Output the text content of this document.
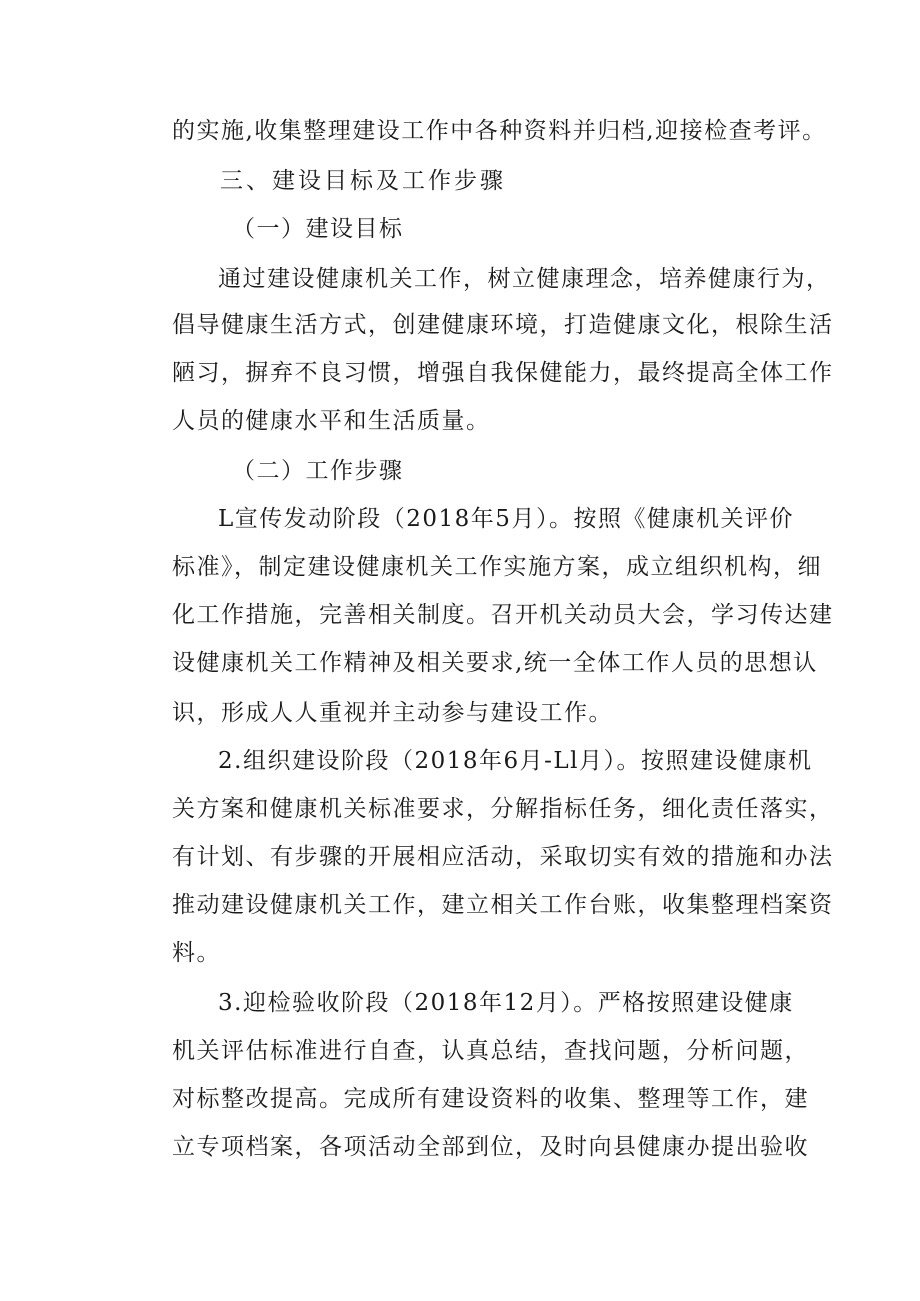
的实施,收集整理建设工作中各种资料并归档,迎接检查考评。
三、建设目标及工作步骤
（一）建设目标
通过建设健康机关工作，树立健康理念，培养健康行为，
倡导健康生活方式，创建健康环境，打造健康文化，根除生活
陋习，摒弃不良习惯，增强自我保健能力，最终提高全体工作
人员的健康水平和生活质量。
（二）工作步骤
L宣传发动阶段（2018年5月）。按照《健康机关评价
标准》，制定建设健康机关工作实施方案，成立组织机构，细
化工作措施，完善相关制度。召开机关动员大会，学习传达建
设健康机关工作精神及相关要求,统一全体工作人员的思想认
识，形成人人重视并主动参与建设工作。
2.组织建设阶段（2018年6月-Ll月）。按照建设健康机
关方案和健康机关标准要求，分解指标任务，细化责任落实，
有计划、有步骤的开展相应活动，采取切实有效的措施和办法
推动建设健康机关工作，建立相关工作台账，收集整理档案资
料。
3.迎检验收阶段（2018年12月）。严格按照建设健康
机关评估标准进行自查，认真总结，查找问题，分析问题，
对标整改提高。完成所有建设资料的收集、整理等工作，建
立专项档案，各项活动全部到位，及时向县健康办提出验收
